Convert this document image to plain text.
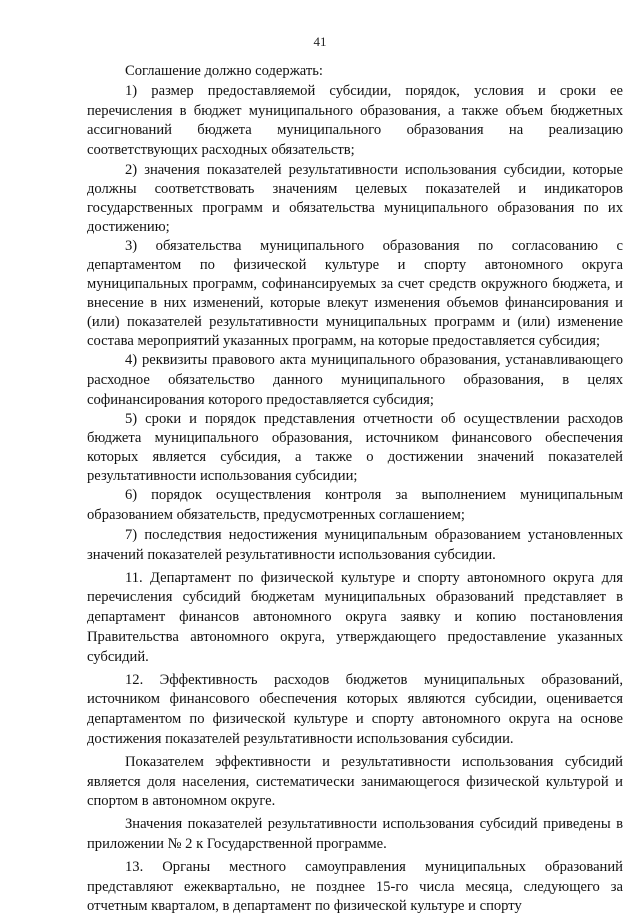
41

Соглашение должно содержать:

1) размер предоставляемой субсидии, порядок, условия и сроки ее перечисления в бюджет муниципального образования, а также объем бюджетных ассигнований бюджета муниципального образования на реализацию соответствующих расходных обязательств;

2) значения показателей результативности использования субсидии, которые должны соответствовать значениям целевых показателей и индикаторов государственных программ и обязательства муниципального образования по их достижению;

3) обязательства муниципального образования по согласованию с департаментом по физической культуре и спорту автономного округа муниципальных программ, софинансируемых за счет средств окружного бюджета, и внесение в них изменений, которые влекут изменения объемов финансирования и (или) показателей результативности муниципальных программ и (или) изменение состава мероприятий указанных программ, на которые предоставляется субсидия;

4) реквизиты правового акта муниципального образования, устанавливающего расходное обязательство данного муниципального образования, в целях софинансирования которого предоставляется субсидия;

5) сроки и порядок представления отчетности об осуществлении расходов бюджета муниципального образования, источником финансового обеспечения которых является субсидия, а также о достижении значений показателей результативности использования субсидии;

6) порядок осуществления контроля за выполнением муниципальным образованием обязательств, предусмотренных соглашением;

7) последствия недостижения муниципальным образованием установленных значений показателей результативности использования субсидии.

11. Департамент по физической культуре и спорту автономного округа для перечисления субсидий бюджетам муниципальных образований представляет в департамент финансов автономного округа заявку и копию постановления Правительства автономного округа, утверждающего предоставление указанных субсидий.

12. Эффективность расходов бюджетов муниципальных образований, источником финансового обеспечения которых являются субсидии, оценивается департаментом по физической культуре и спорту автономного округа на основе достижения показателей результативности использования субсидии.

Показателем эффективности и результативности использования субсидий является доля населения, систематически занимающегося физической культурой и спортом в автономном округе.

Значения показателей результативности использования субсидий приведены в приложении № 2 к Государственной программе.

13. Органы местного самоуправления муниципальных образований представляют ежеквартально, не позднее 15-го числа месяца, следующего за отчетным кварталом, в департамент по физической культуре и спорту
